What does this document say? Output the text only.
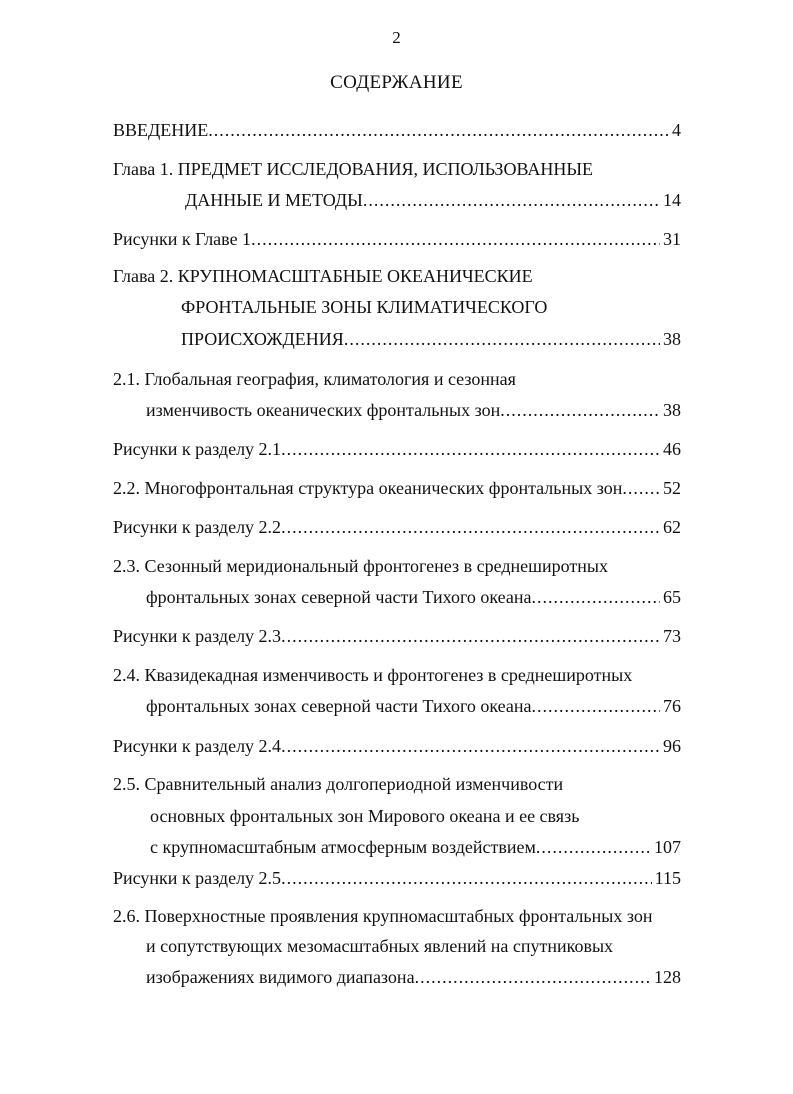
2
СОДЕРЖАНИЕ
ВВЕДЕНИЕ .....	4
Глава 1. ПРЕДМЕТ ИССЛЕДОВАНИЯ, ИСПОЛЬЗОВАННЫЕ
ДАННЫЕ И МЕТОДЫ .....	14
Рисунки к Главе 1 .....	31
Глава 2. КРУПНОМАСШТАБНЫЕ ОКЕАНИЧЕСКИЕ
ФРОНТАЛЬНЫЕ ЗОНЫ КЛИМАТИЧЕСКОГО
ПРОИСХОЖДЕНИЯ .....	38
2.1. Глобальная география, климатология и сезонная
изменчивость океанических фронтальных зон .....	38
Рисунки к разделу 2.1 .....	46
2.2. Многофронтальная структура океанических фронтальных зон .....	52
Рисунки к разделу 2.2 .....	62
2.3. Сезонный меридиональный фронтогенез в среднеширотных
фронтальных зонах северной части Тихого океана .....	65
Рисунки к разделу 2.3 .....	73
2.4. Квазидекадная изменчивость и фронтогенез в среднеширотных
фронтальных зонах северной части Тихого океана .....	76
Рисунки к разделу 2.4 .....	96
2.5. Сравнительный анализ долгопериодной изменчивости
основных фронтальных зон Мирового океана и ее связь
с крупномасштабным атмосферным воздействием .....	107
Рисунки к разделу 2.5 .....	115
2.6. Поверхностные проявления крупномасштабных фронтальных зон
и сопутствующих мезомасштабных явлений на спутниковых
изображениях видимого диапазона .....	128
